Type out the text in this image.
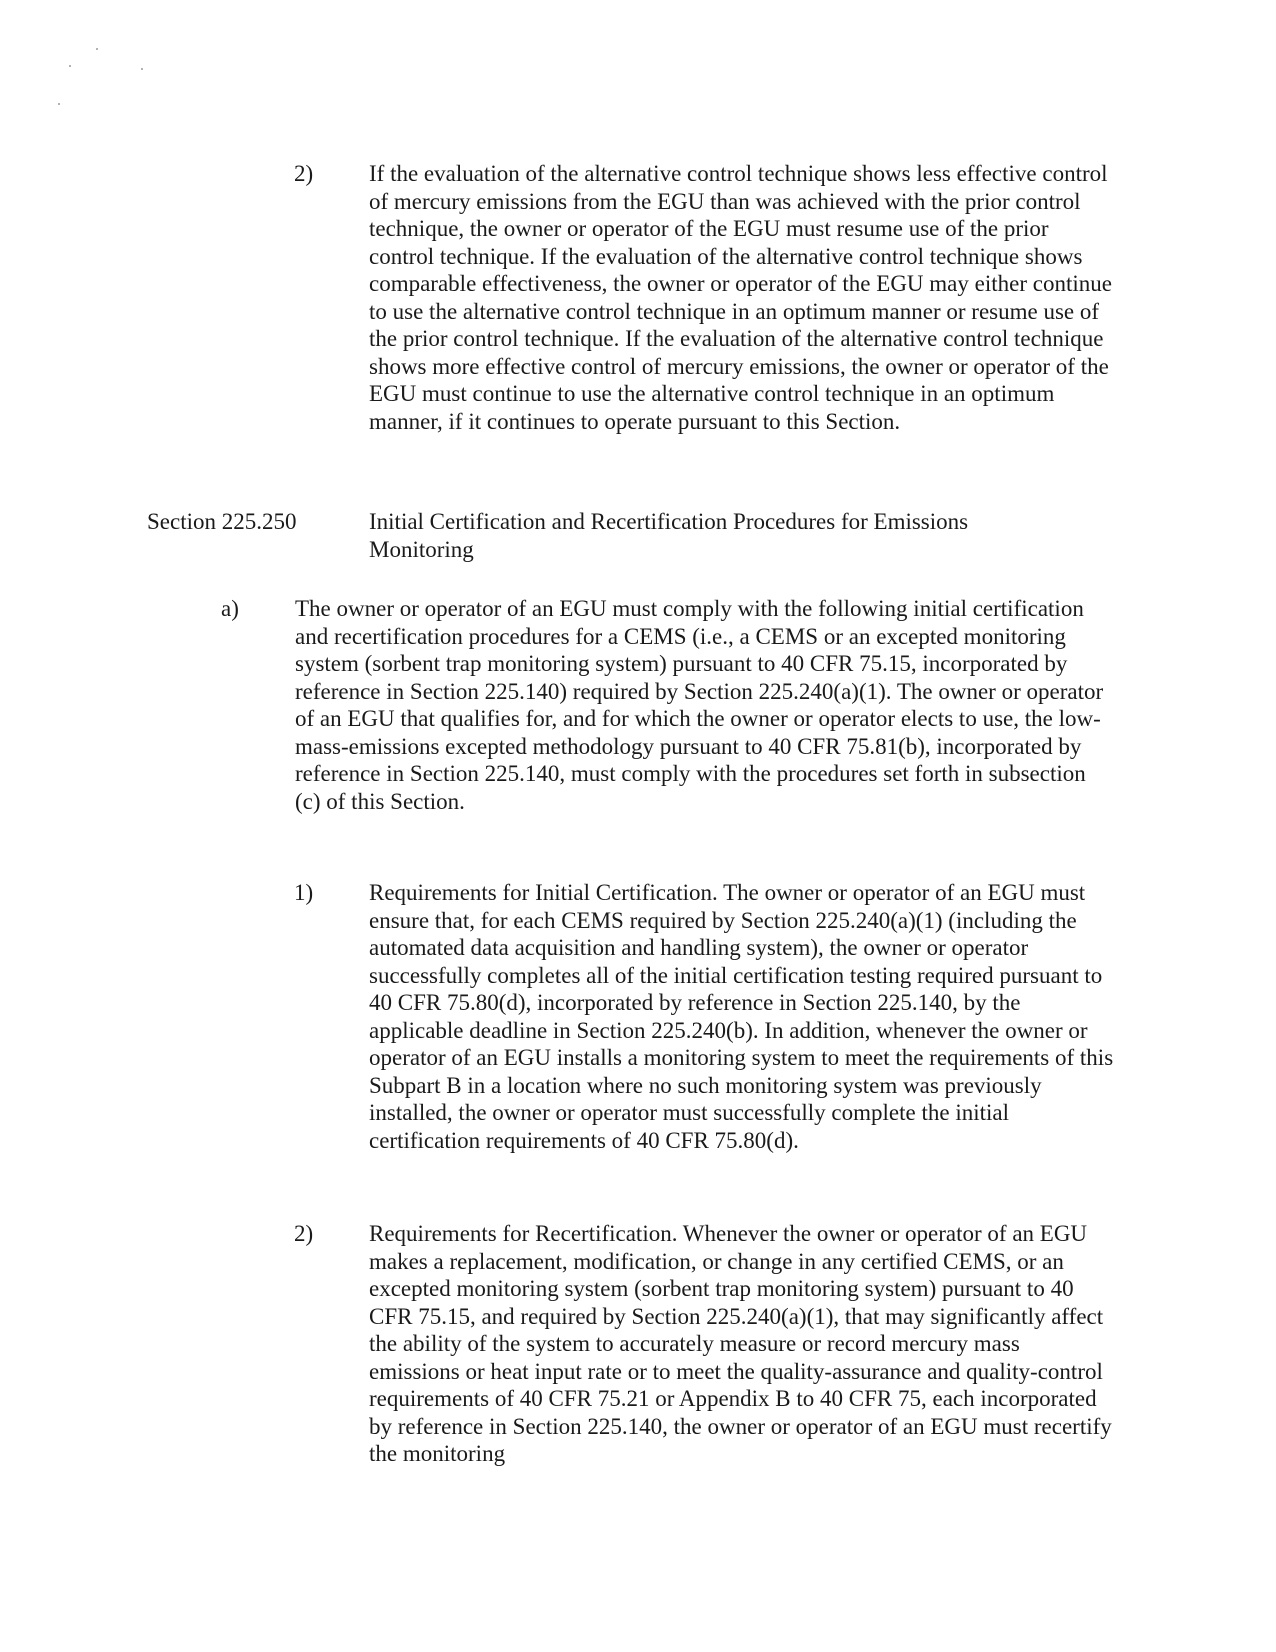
2) If the evaluation of the alternative control technique shows less effective control of mercury emissions from the EGU than was achieved with the prior control technique, the owner or operator of the EGU must resume use of the prior control technique. If the evaluation of the alternative control technique shows comparable effectiveness, the owner or operator of the EGU may either continue to use the alternative control technique in an optimum manner or resume use of the prior control technique. If the evaluation of the alternative control technique shows more effective control of mercury emissions, the owner or operator of the EGU must continue to use the alternative control technique in an optimum manner, if it continues to operate pursuant to this Section.

Section 225.250	Initial Certification and Recertification Procedures for Emissions Monitoring
a) The owner or operator of an EGU must comply with the following initial certification and recertification procedures for a CEMS (i.e., a CEMS or an excepted monitoring system (sorbent trap monitoring system) pursuant to 40 CFR 75.15, incorporated by reference in Section 225.140) required by Section 225.240(a)(1). The owner or operator of an EGU that qualifies for, and for which the owner or operator elects to use, the low-mass-emissions excepted methodology pursuant to 40 CFR 75.81(b), incorporated by reference in Section 225.140, must comply with the procedures set forth in subsection (c) of this Section.

1) Requirements for Initial Certification. The owner or operator of an EGU must ensure that, for each CEMS required by Section 225.240(a)(1) (including the automated data acquisition and handling system), the owner or operator successfully completes all of the initial certification testing required pursuant to 40 CFR 75.80(d), incorporated by reference in Section 225.140, by the applicable deadline in Section 225.240(b). In addition, whenever the owner or operator of an EGU installs a monitoring system to meet the requirements of this Subpart B in a location where no such monitoring system was previously installed, the owner or operator must successfully complete the initial certification requirements of 40 CFR 75.80(d).

2) Requirements for Recertification. Whenever the owner or operator of an EGU makes a replacement, modification, or change in any certified CEMS, or an excepted monitoring system (sorbent trap monitoring system) pursuant to 40 CFR 75.15, and required by Section 225.240(a)(1), that may significantly affect the ability of the system to accurately measure or record mercury mass emissions or heat input rate or to meet the quality-assurance and quality-control requirements of 40 CFR 75.21 or Appendix B to 40 CFR 75, each incorporated by reference in Section 225.140, the owner or operator of an EGU must recertify the monitoring
